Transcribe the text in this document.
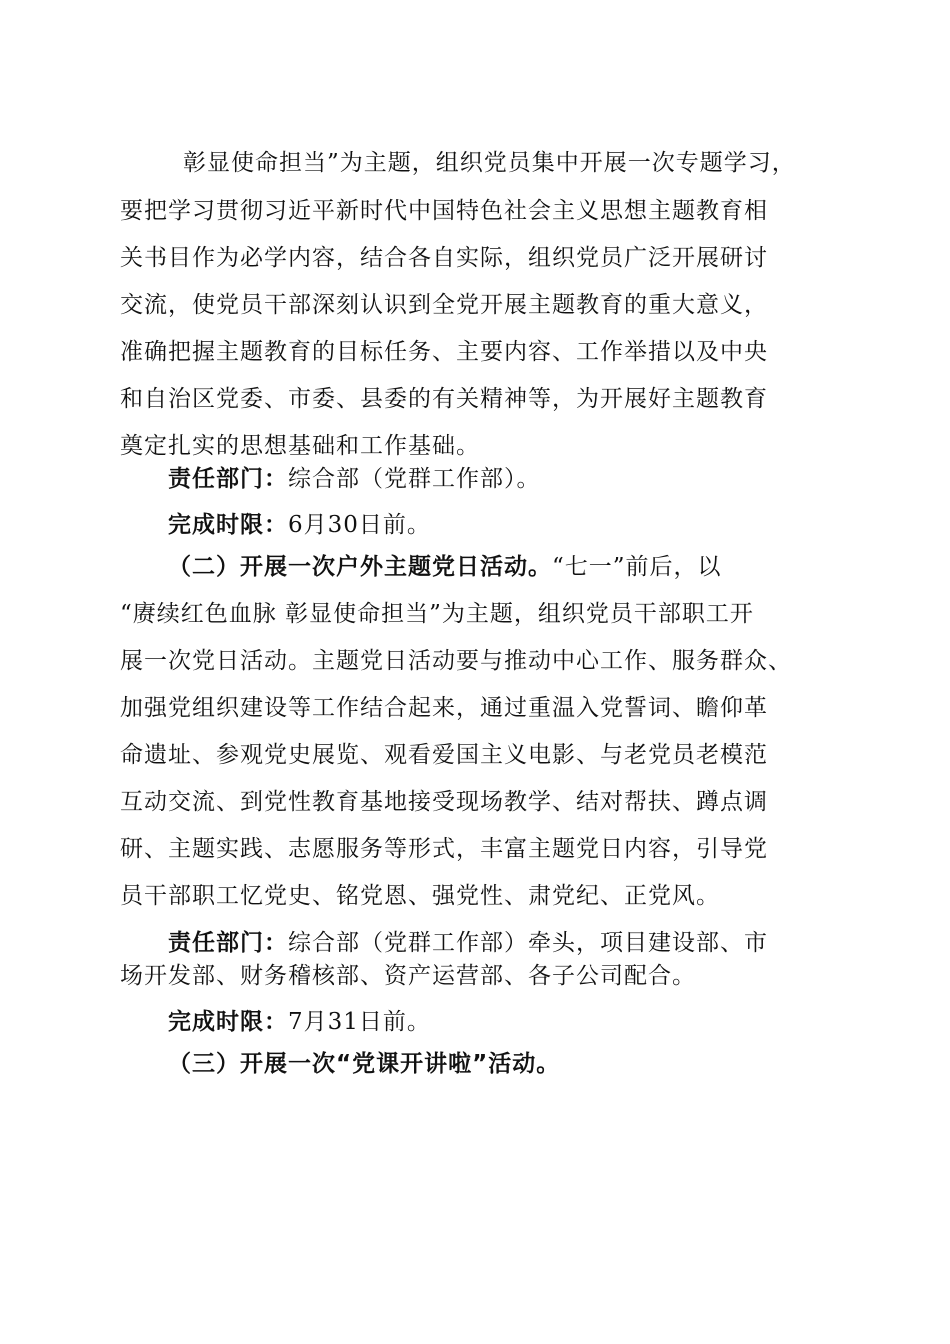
彰显使命担当”为主题，组织党员集中开展一次专题学习，
要把学习贯彻习近平新时代中国特色社会主义思想主题教育相
关书目作为必学内容，结合各自实际，组织党员广泛开展研讨
交流，使党员干部深刻认识到全党开展主题教育的重大意义，
准确把握主题教育的目标任务、主要内容、工作举措以及中央
和自治区党委、市委、县委的有关精神等，为开展好主题教育
奠定扎实的思想基础和工作基础。
责任部门：综合部（党群工作部）。
完成时限：6月30日前。
（二）开展一次户外主题党日活动。“七一”前后，以
“赓续红色血脉 彰显使命担当”为主题，组织党员干部职工开
展一次党日活动。主题党日活动要与推动中心工作、服务群众、
加强党组织建设等工作结合起来，通过重温入党誓词、瞻仰革
命遗址、参观党史展览、观看爱国主义电影、与老党员老模范
互动交流、到党性教育基地接受现场教学、结对帮扶、蹲点调
研、主题实践、志愿服务等形式，丰富主题党日内容，引导党
员干部职工忆党史、铭党恩、强党性、肃党纪、正党风。
责任部门：综合部（党群工作部）牵头，项目建设部、市
场开发部、财务稽核部、资产运营部、各子公司配合。
完成时限：7月31日前。
（三）开展一次“党课开讲啦”活动。
